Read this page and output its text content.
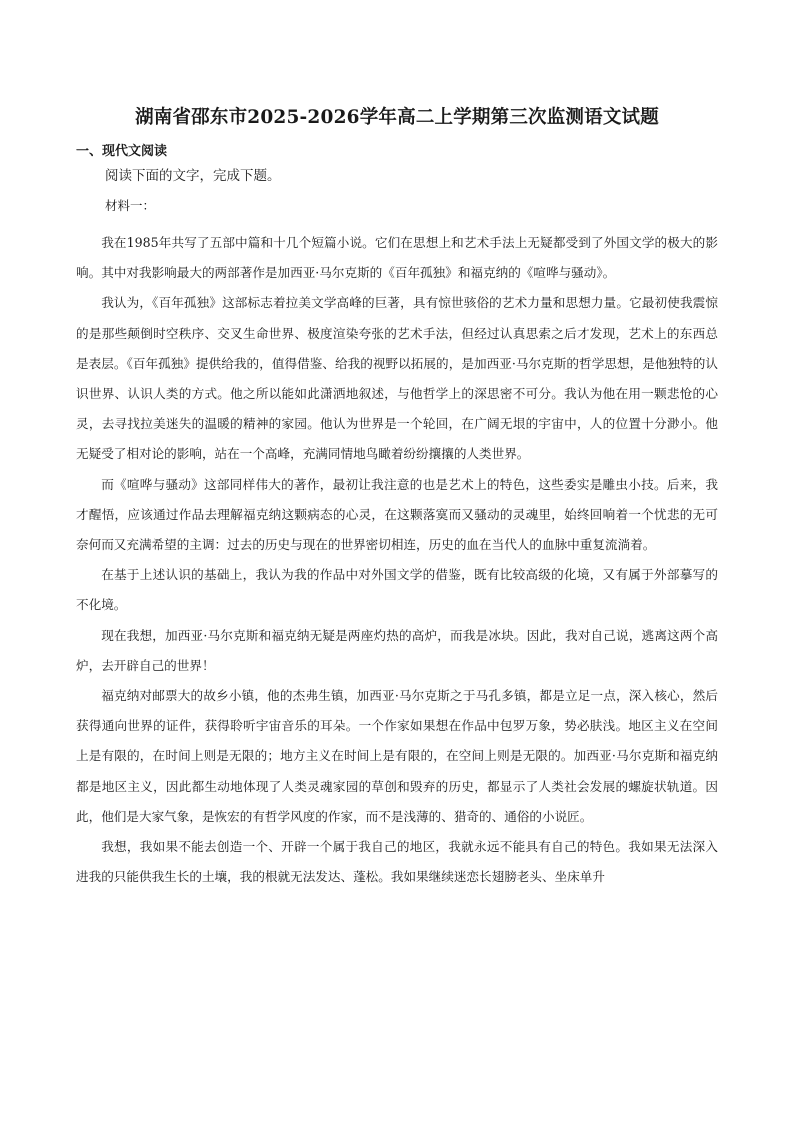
湖南省邵东市2025-2026学年高二上学期第三次监测语文试题
一、现代文阅读
阅读下面的文字，完成下题。
材料一：

我在1985年共写了五部中篇和十几个短篇小说。它们在思想上和艺术手法上无疑都受到了外国文学的极大的影响。其中对我影响最大的两部著作是加西亚·马尔克斯的《百年孤独》和福克纳的《喧哗与骚动》。

我认为，《百年孤独》这部标志着拉美文学高峰的巨著，具有惊世骇俗的艺术力量和思想力量。它最初使我震惊的是那些颠倒时空秩序、交叉生命世界、极度渲染夸张的艺术手法，但经过认真思索之后才发现，艺术上的东西总是表层。《百年孤独》提供给我的，值得借鉴、给我的视野以拓展的，是加西亚·马尔克斯的哲学思想，是他独特的认识世界、认识人类的方式。他之所以能如此潇洒地叙述，与他哲学上的深思密不可分。我认为他在用一颗悲怆的心灵，去寻找拉美迷失的温暖的精神的家园。他认为世界是一个轮回，在广阔无垠的宇宙中，人的位置十分渺小。他无疑受了相对论的影响，站在一个高峰，充满同情地鸟瞰着纷纷攘攘的人类世界。

而《喧哗与骚动》这部同样伟大的著作，最初让我注意的也是艺术上的特色，这些委实是雕虫小技。后来，我才醒悟，应该通过作品去理解福克纳这颗病态的心灵，在这颗落寞而又骚动的灵魂里，始终回响着一个忧悲的无可奈何而又充满希望的主调：过去的历史与现在的世界密切相连，历史的血在当代人的血脉中重复流淌着。

在基于上述认识的基础上，我认为我的作品中对外国文学的借鉴，既有比较高级的化境，又有属于外部摹写的不化境。

现在我想，加西亚·马尔克斯和福克纳无疑是两座灼热的高炉，而我是冰块。因此，我对自己说，逃离这两个高炉，去开辟自己的世界！

福克纳对邮票大的故乡小镇，他的杰弗生镇，加西亚·马尔克斯之于马孔多镇，都是立足一点，深入核心，然后获得通向世界的证件，获得聆听宇宙音乐的耳朵。一个作家如果想在作品中包罗万象，势必肤浅。地区主义在空间上是有限的，在时间上则是无限的；地方主义在时间上是有限的，在空间上则是无限的。加西亚·马尔克斯和福克纳都是地区主义，因此都生动地体现了人类灵魂家园的草创和毁弃的历史，都显示了人类社会发展的螺旋状轨道。因此，他们是大家气象，是恢宏的有哲学风度的作家，而不是浅薄的、猎奇的、通俗的小说匠。

我想，我如果不能去创造一个、开辟一个属于我自己的地区，我就永远不能具有自己的特色。我如果无法深入进我的只能供我生长的土壤，我的根就无法发达、蓬松。我如果继续迷恋长翅膀老头、坐床单升
